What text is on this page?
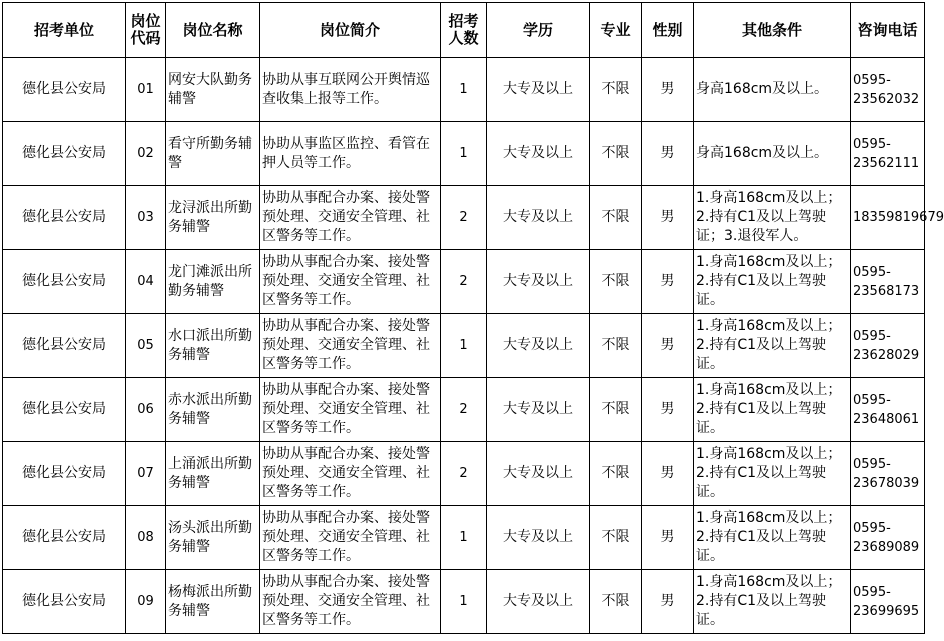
招考单位	岗位代码	岗位名称	岗位简介	招考人数	学历	专业	性别	其他条件	咨询电话
德化县公安局	01	网安大队勤务辅警	协助从事互联网公开舆情巡查收集上报等工作。	1	大专及以上	不限	男	身高168cm及以上。	0595-23562032
德化县公安局	02	看守所勤务辅警	协助从事监区监控、看管在押人员等工作。	1	大专及以上	不限	男	身高168cm及以上。	0595-23562111
德化县公安局	03	龙浔派出所勤务辅警	协助从事配合办案、接处警预处理、交通安全管理、社区警务等工作。	2	大专及以上	不限	男	1.身高168cm及以上；2.持有C1及以上驾驶证；3.退役军人。	18359819679
德化县公安局	04	龙门滩派出所勤务辅警	协助从事配合办案、接处警预处理、交通安全管理、社区警务等工作。	2	大专及以上	不限	男	1.身高168cm及以上；2.持有C1及以上驾驶证。	0595-23568173
德化县公安局	05	水口派出所勤务辅警	协助从事配合办案、接处警预处理、交通安全管理、社区警务等工作。	1	大专及以上	不限	男	1.身高168cm及以上；2.持有C1及以上驾驶证。	0595-23628029
德化县公安局	06	赤水派出所勤务辅警	协助从事配合办案、接处警预处理、交通安全管理、社区警务等工作。	2	大专及以上	不限	男	1.身高168cm及以上；2.持有C1及以上驾驶证。	0595-23648061
德化县公安局	07	上涌派出所勤务辅警	协助从事配合办案、接处警预处理、交通安全管理、社区警务等工作。	2	大专及以上	不限	男	1.身高168cm及以上；2.持有C1及以上驾驶证。	0595-23678039
德化县公安局	08	汤头派出所勤务辅警	协助从事配合办案、接处警预处理、交通安全管理、社区警务等工作。	1	大专及以上	不限	男	1.身高168cm及以上；2.持有C1及以上驾驶证。	0595-23689089
德化县公安局	09	杨梅派出所勤务辅警	协助从事配合办案、接处警预处理、交通安全管理、社区警务等工作。	1	大专及以上	不限	男	1.身高168cm及以上；2.持有C1及以上驾驶证。	0595-23699695
